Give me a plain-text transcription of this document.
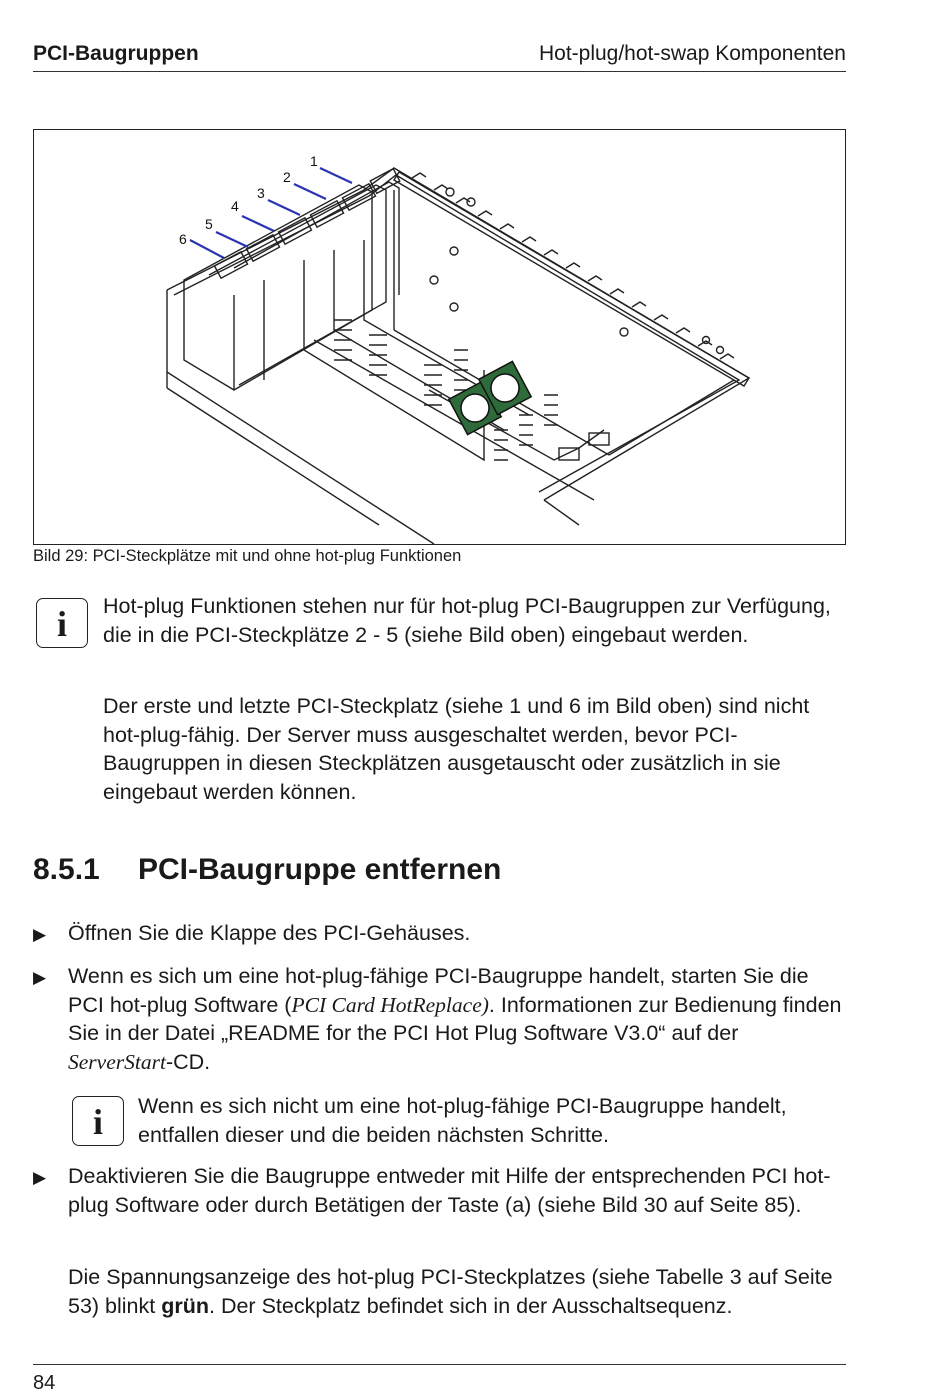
PCI-Baugruppen	Hot-plug/hot-swap Komponenten
1
2
3
4
5
6
Bild 29: PCI-Steckplätze mit und ohne hot-plug Funktionen
i	Hot-plug Funktionen stehen nur für hot-plug PCI-Baugruppen zur Verfügung, die in die PCI-Steckplätze 2 - 5 (siehe Bild oben) eingebaut werden.

Der erste und letzte PCI-Steckplatz (siehe 1 und 6 im Bild oben) sind nicht hot-plug-fähig. Der Server muss ausgeschaltet werden, bevor PCI-Baugruppen in diesen Steckplätzen ausgetauscht oder zusätzlich in sie eingebaut werden können.

8.5.1 PCI-Baugruppe entfernen
▶ Öffnen Sie die Klappe des PCI-Gehäuses.

▶ Wenn es sich um eine hot-plug-fähige PCI-Baugruppe handelt, starten Sie die PCI hot-plug Software (PCI Card HotReplace). Informationen zur Bedienung finden Sie in der Datei „README for the PCI Hot Plug Software V3.0“ auf der ServerStart-CD.

i	Wenn es sich nicht um eine hot-plug-fähige PCI-Baugruppe handelt, entfallen dieser und die beiden nächsten Schritte.

▶ Deaktivieren Sie die Baugruppe entweder mit Hilfe der entsprechenden PCI hot-plug Software oder durch Betätigen der Taste (a) (siehe Bild 30 auf Seite 85).

Die Spannungsanzeige des hot-plug PCI-Steckplatzes (siehe Tabelle 3 auf Seite 53) blinkt grün. Der Steckplatz befindet sich in der Ausschaltsequenz.

84
